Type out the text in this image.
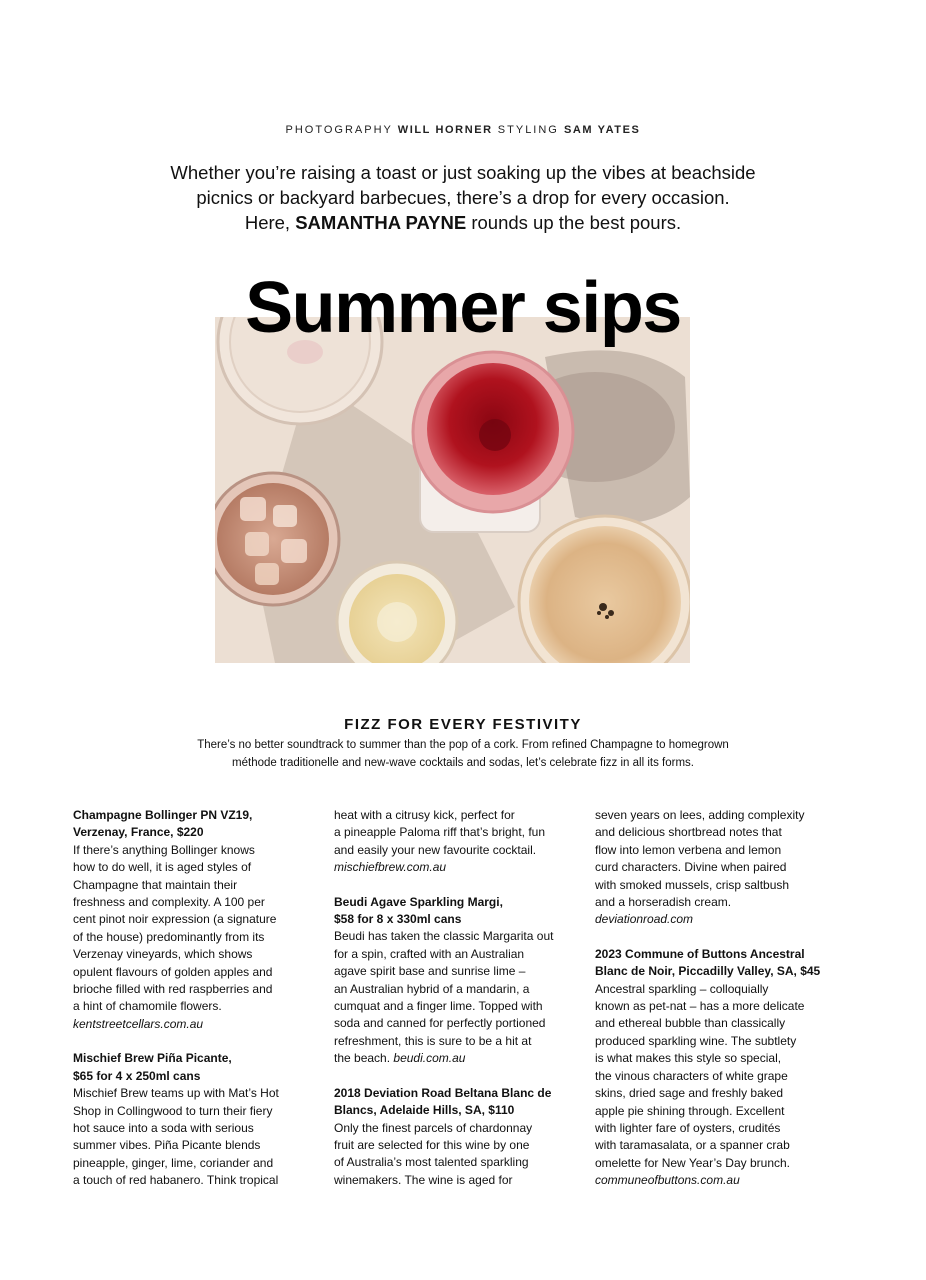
PHOTOGRAPHY WILL HORNER STYLING SAM YATES
Whether you’re raising a toast or just soaking up the vibes at beachside
picnics or backyard barbecues, there’s a drop for every occasion.
Here, SAMANTHA PAYNE rounds up the best pours.
Summer sips
FIZZ FOR EVERY FESTIVITY
There’s no better soundtrack to summer than the pop of a cork. From refined Champagne to homegrown
méthode traditionelle and new-wave cocktails and sodas, let’s celebrate fizz in all its forms.

Champagne Bollinger PN VZ19,

Verzenay, France, $220

If there’s anything Bollinger knows

how to do well, it is aged styles of

Champagne that maintain their

freshness and complexity. A 100 per

cent pinot noir expression (a signature

of the house) predominantly from its

Verzenay vineyards, which shows

opulent flavours of golden apples and

brioche filled with red raspberries and

a hint of chamomile flowers.

kentstreetcellars.com.au

Mischief Brew Piña Picante,

$65 for 4 x 250ml cans

Mischief Brew teams up with Mat’s Hot

Shop in Collingwood to turn their fiery

hot sauce into a soda with serious

summer vibes. Piña Picante blends

pineapple, ginger, lime, coriander and

a touch of red habanero. Think tropical

heat with a citrusy kick, perfect for

a pineapple Paloma riff that’s bright, fun

and easily your new favourite cocktail.

mischiefbrew.com.au

Beudi Agave Sparkling Margi,

$58 for 8 x 330ml cans

Beudi has taken the classic Margarita out

for a spin, crafted with an Australian

agave spirit base and sunrise lime –

an Australian hybrid of a mandarin, a

cumquat and a finger lime. Topped with

soda and canned for perfectly portioned

refreshment, this is sure to be a hit at

the beach. beudi.com.au

2018 Deviation Road Beltana Blanc de

Blancs, Adelaide Hills, SA, $110

Only the finest parcels of chardonnay

fruit are selected for this wine by one

of Australia’s most talented sparkling

winemakers. The wine is aged for

seven years on lees, adding complexity

and delicious shortbread notes that

flow into lemon verbena and lemon

curd characters. Divine when paired

with smoked mussels, crisp saltbush

and a horseradish cream.

deviationroad.com

2023 Commune of Buttons Ancestral

Blanc de Noir, Piccadilly Valley, SA, $45

Ancestral sparkling – colloquially

known as pet-nat – has a more delicate

and ethereal bubble than classically

produced sparkling wine. The subtlety

is what makes this style so special,

the vinous characters of white grape

skins, dried sage and freshly baked

apple pie shining through. Excellent

with lighter fare of oysters, crudités

with taramasalata, or a spanner crab

omelette for New Year’s Day brunch.

communeofbuttons.com.au
